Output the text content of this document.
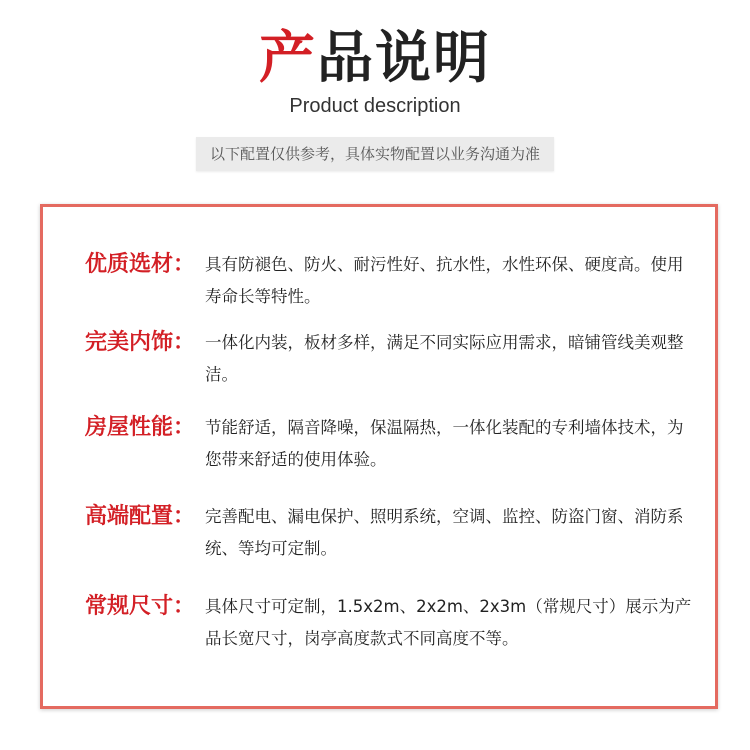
产品说明
Product description
以下配置仅供参考，具体实物配置以业务沟通为准
优质选材： 具有防褪色、防火、耐污性好、抗水性，水性环保、硬度高。使用寿命长等特性。
完美内饰： 一体化内装，板材多样，满足不同实际应用需求，暗铺管线美观整洁。
房屋性能： 节能舒适，隔音降噪，保温隔热，一体化装配的专利墙体技术，为您带来舒适的使用体验。
高端配置： 完善配电、漏电保护、照明系统，空调、监控、防盗门窗、消防系统、等均可定制。
常规尺寸： 具体尺寸可定制，1.5x2m、2x2m、2x3m（常规尺寸）展示为产品长宽尺寸，岗亭高度款式不同高度不等。
